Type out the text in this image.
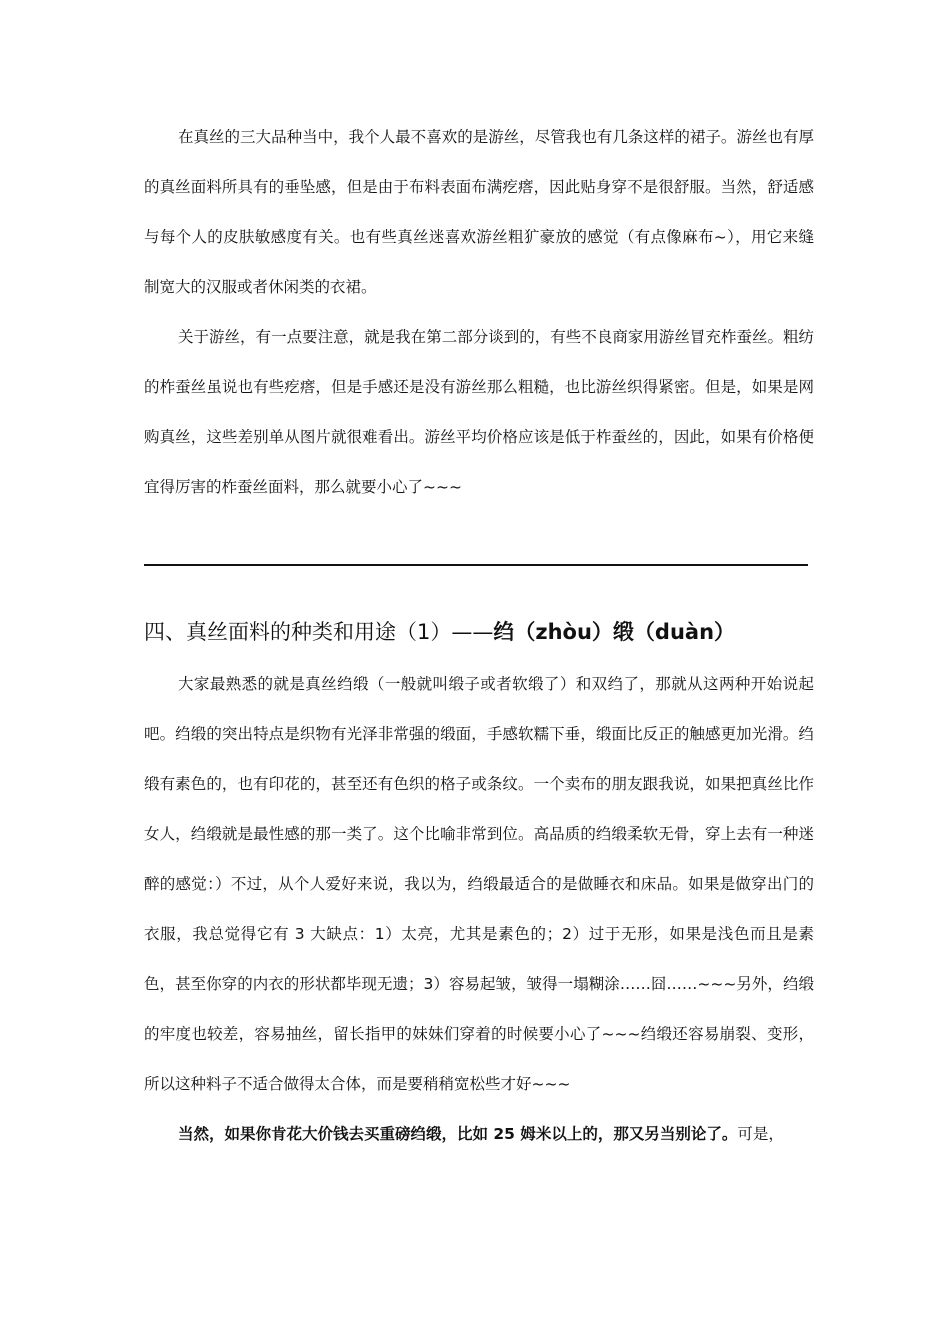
在真丝的三大品种当中，我个人最不喜欢的是游丝，尽管我也有几条这样的裙子。游丝也有厚的真丝面料所具有的垂坠感，但是由于布料表面布满疙瘩，因此贴身穿不是很舒服。当然，舒适感与每个人的皮肤敏感度有关。也有些真丝迷喜欢游丝粗犷豪放的感觉（有点像麻布~），用它来缝制宽大的汉服或者休闲类的衣裙。

关于游丝，有一点要注意，就是我在第二部分谈到的，有些不良商家用游丝冒充柞蚕丝。粗纺的柞蚕丝虽说也有些疙瘩，但是手感还是没有游丝那么粗糙，也比游丝织得紧密。但是，如果是网购真丝，这些差别单从图片就很难看出。游丝平均价格应该是低于柞蚕丝的，因此，如果有价格便宜得厉害的柞蚕丝面料，那么就要小心了~~~

四、真丝面料的种类和用途（1）——绉（zhòu）缎（duàn）

大家最熟悉的就是真丝绉缎（一般就叫缎子或者软缎了）和双绉了，那就从这两种开始说起吧。绉缎的突出特点是织物有光泽非常强的缎面，手感软糯下垂，缎面比反正的触感更加光滑。绉缎有素色的，也有印花的，甚至还有色织的格子或条纹。一个卖布的朋友跟我说，如果把真丝比作女人，绉缎就是最性感的那一类了。这个比喻非常到位。高品质的绉缎柔软无骨，穿上去有一种迷醉的感觉：）不过，从个人爱好来说，我以为，绉缎最适合的是做睡衣和床品。如果是做穿出门的衣服，我总觉得它有 3 大缺点：1）太亮，尤其是素色的；2）过于无形，如果是浅色而且是素色，甚至你穿的内衣的形状都毕现无遗；3）容易起皱，皱得一塌糊涂……囧……~~~另外，绉缎的牢度也较差，容易抽丝，留长指甲的妹妹们穿着的时候要小心了~~~绉缎还容易崩裂、变形，所以这种料子不适合做得太合体，而是要稍稍宽松些才好~~~

当然，如果你肯花大价钱去买重磅绉缎，比如 25 姆米以上的，那又另当别论了。可是，
